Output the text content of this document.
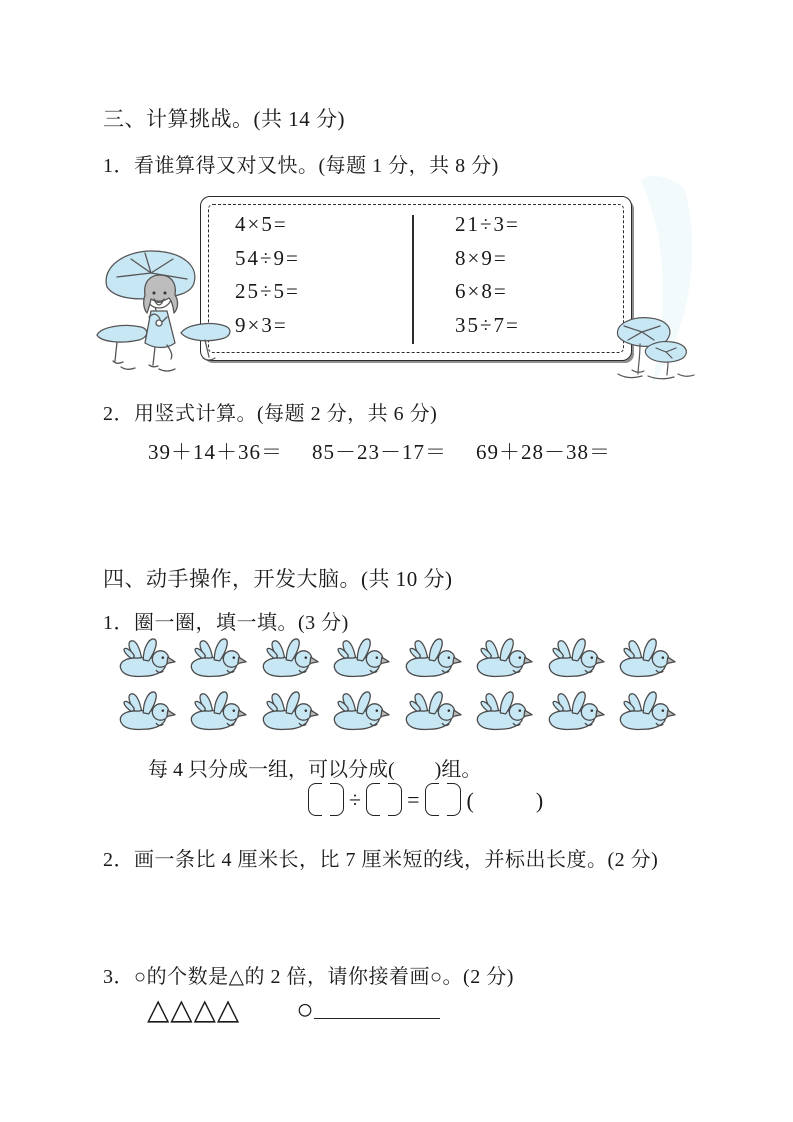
三、计算挑战。(共 14 分)
1．看谁算得又对又快。(每题 1 分，共 8 分)
4×5=
54÷9=
25÷5=
9×3=
21÷3=
8×9=
6×8=
35÷7=
2．用竖式计算。(每题 2 分，共 6 分)
39＋14＋36＝ 85－23－17＝ 69＋28－38＝
四、动手操作，开发大脑。(共 10 分)
1．圈一圈，填一填。(3 分)
每 4 只分成一组，可以分成(　　)组。
÷ = (　　)
2．画一条比 4 厘米长，比 7 厘米短的线，并标出长度。(2 分)
3．○的个数是△的 2 倍，请你接着画○。(2 分)
△△△△ ○
